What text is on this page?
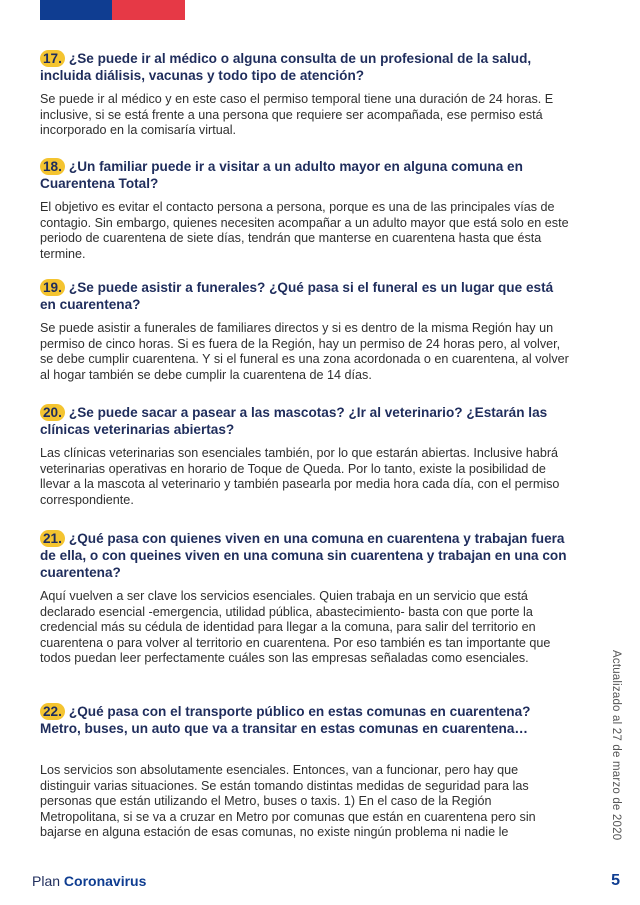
17. ¿Se puede ir al médico o alguna consulta de un profesional de la salud, incluida diálisis, vacunas y todo tipo de atención?

Se puede ir al médico y en este caso el permiso temporal tiene una duración de 24 horas. E inclusive, si se está frente a una persona que requiere ser acompañada, ese permiso está incorporado en la comisaría virtual.

18. ¿Un familiar puede ir a visitar a un adulto mayor en alguna comuna en Cuarentena Total?

El objetivo es evitar el contacto persona a persona, porque es una de las principales vías de contagio. Sin embargo, quienes necesiten acompañar a un adulto mayor que está solo en este periodo de cuarentena de siete días, tendrán que manterse en cuarentena hasta que ésta termine.

19. ¿Se puede asistir a funerales? ¿Qué pasa si el funeral es un lugar que está en cuarentena?

Se puede asistir a funerales de familiares directos y si es dentro de la misma Región hay un permiso de cinco horas. Si es fuera de la Región, hay un permiso de 24 horas pero, al volver, se debe cumplir cuarentena. Y si el funeral es una zona acordonada o en cuarentena, al volver al hogar también se debe cumplir la cuarentena de 14 días.

20. ¿Se puede sacar a pasear a las mascotas? ¿Ir al veterinario? ¿Estarán las clínicas veterinarias abiertas?

Las clínicas veterinarias son esenciales también, por lo que estarán abiertas. Inclusive habrá veterinarias operativas en horario de Toque de Queda. Por lo tanto, existe la posibilidad de llevar a la mascota al veterinario y también pasearla por media hora cada día, con el permiso correspondiente.

21. ¿Qué pasa con quienes viven en una comuna en cuarentena y trabajan fuera de ella, o con queines viven en una comuna sin cuarentena y trabajan en una con cuarentena?

Aquí vuelven a ser clave los servicios esenciales. Quien trabaja en un servicio que está declarado esencial -emergencia, utilidad pública, abastecimiento- basta con que porte la credencial más su cédula de identidad para llegar a la comuna, para salir del territorio en cuarentena o para volver al territorio en cuarentena. Por eso también es tan importante que todos puedan leer perfectamente cuáles son las empresas señaladas como esenciales.

22. ¿Qué pasa con el transporte público en estas comunas en cuarentena? Metro, buses, un auto que va a transitar en estas comunas en cuarentena…

Los servicios son absolutamente esenciales. Entonces, van a funcionar, pero hay que distinguir varias situaciones. Se están tomando distintas medidas de seguridad para las personas que están utilizando el Metro, buses o taxis. 1) En el caso de la Región Metropolitana, si se va a cruzar en Metro por comunas que están en cuarentena pero sin bajarse en alguna estación de esas comunas, no existe ningún problema ni nadie le	Actualizado al 27 de marzo de 2020
Plan Coronavirus	5
